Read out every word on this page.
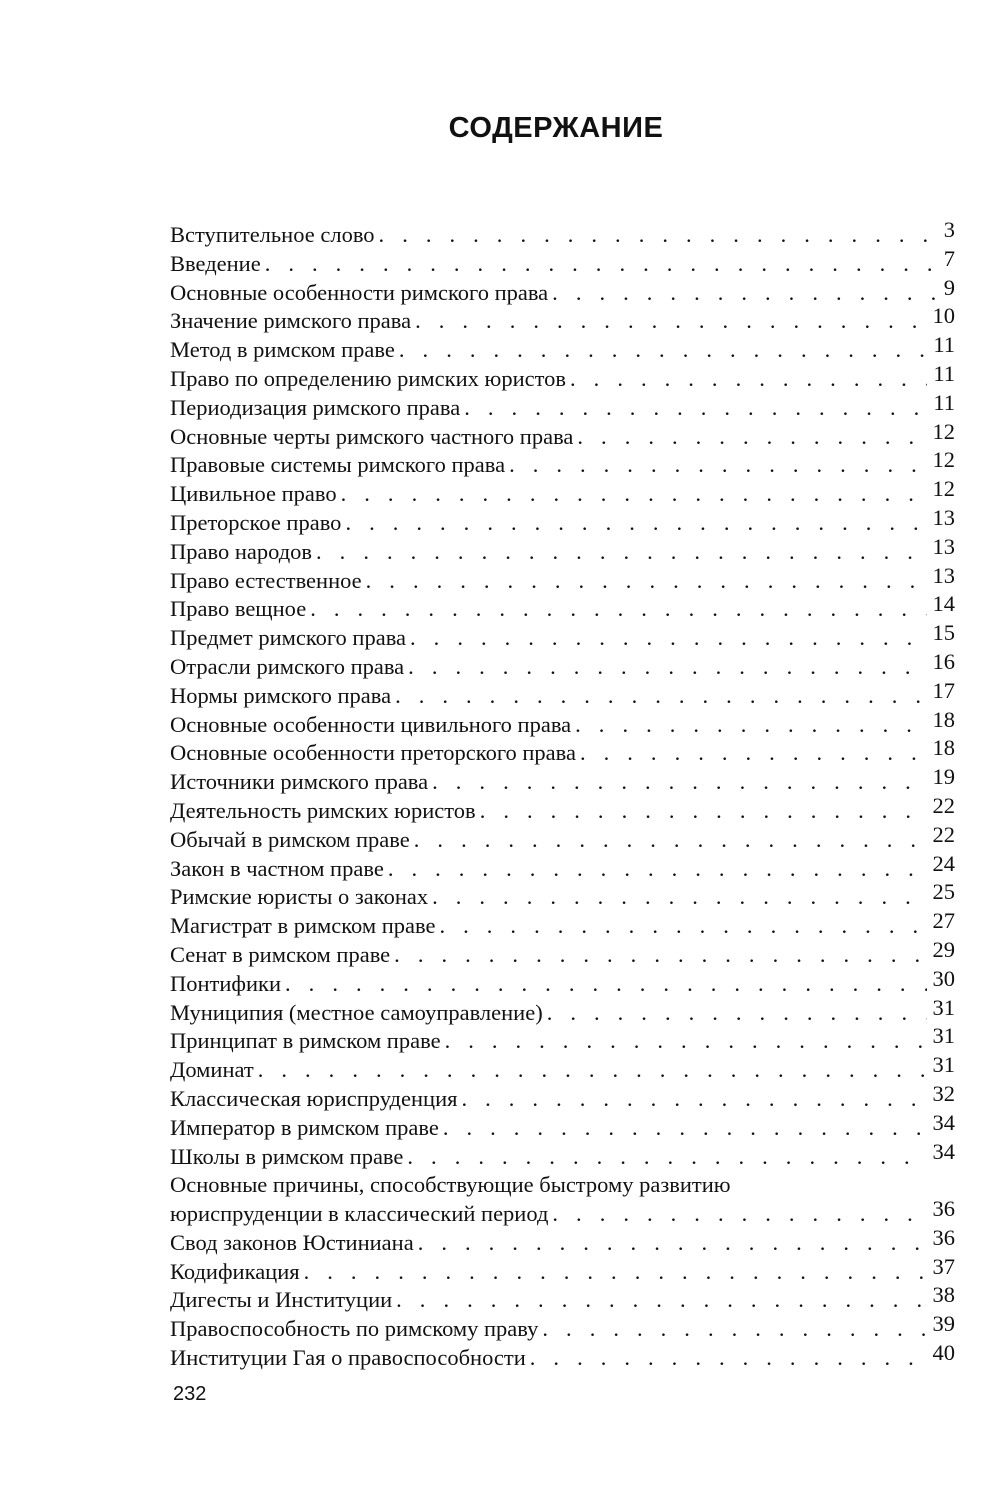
СОДЕРЖАНИЕ
Вступительное слово . . .	3
Введение . . .	7
Основные особенности римского права . . .	9
Значение римского права . . .	10
Метод в римском праве . . .	11
Право по определению римских юристов . . .	11
Периодизация римского права . . .	11
Основные черты римского частного права . . .	12
Правовые системы римского права . . .	12
Цивильное право . . .	12
Преторское право . . .	13
Право народов . . .	13
Право естественное . . .	13
Право вещное . . .	14
Предмет римского права . . .	15
Отрасли римского права . . .	16
Нормы римского права . . .	17
Основные особенности цивильного права . . .	18
Основные особенности преторского права . . .	18
Источники римского права . . .	19
Деятельность римских юристов . . .	22
Обычай в римском праве . . .	22
Закон в частном праве . . .	24
Римские юристы о законах . . .	25
Магистрат в римском праве . . .	27
Сенат в римском праве . . .	29
Понтифики . . .	30
Муниципия (местное самоуправление) . . .	31
Принципат в римском праве . . .	31
Доминат . . .	31
Классическая юриспруденция . . .	32
Император в римском праве . . .	34
Школы в римском праве . . .	34
Основные причины, способствующие быстрому развитию
юриспруденции в классический период . . .	36
Свод законов Юстиниана . . .	36
Кодификация . . .	37
Дигесты и Институции . . .	38
Правоспособность по римскому праву . . .	39
Институции Гая о правоспособности . . .	40
232
